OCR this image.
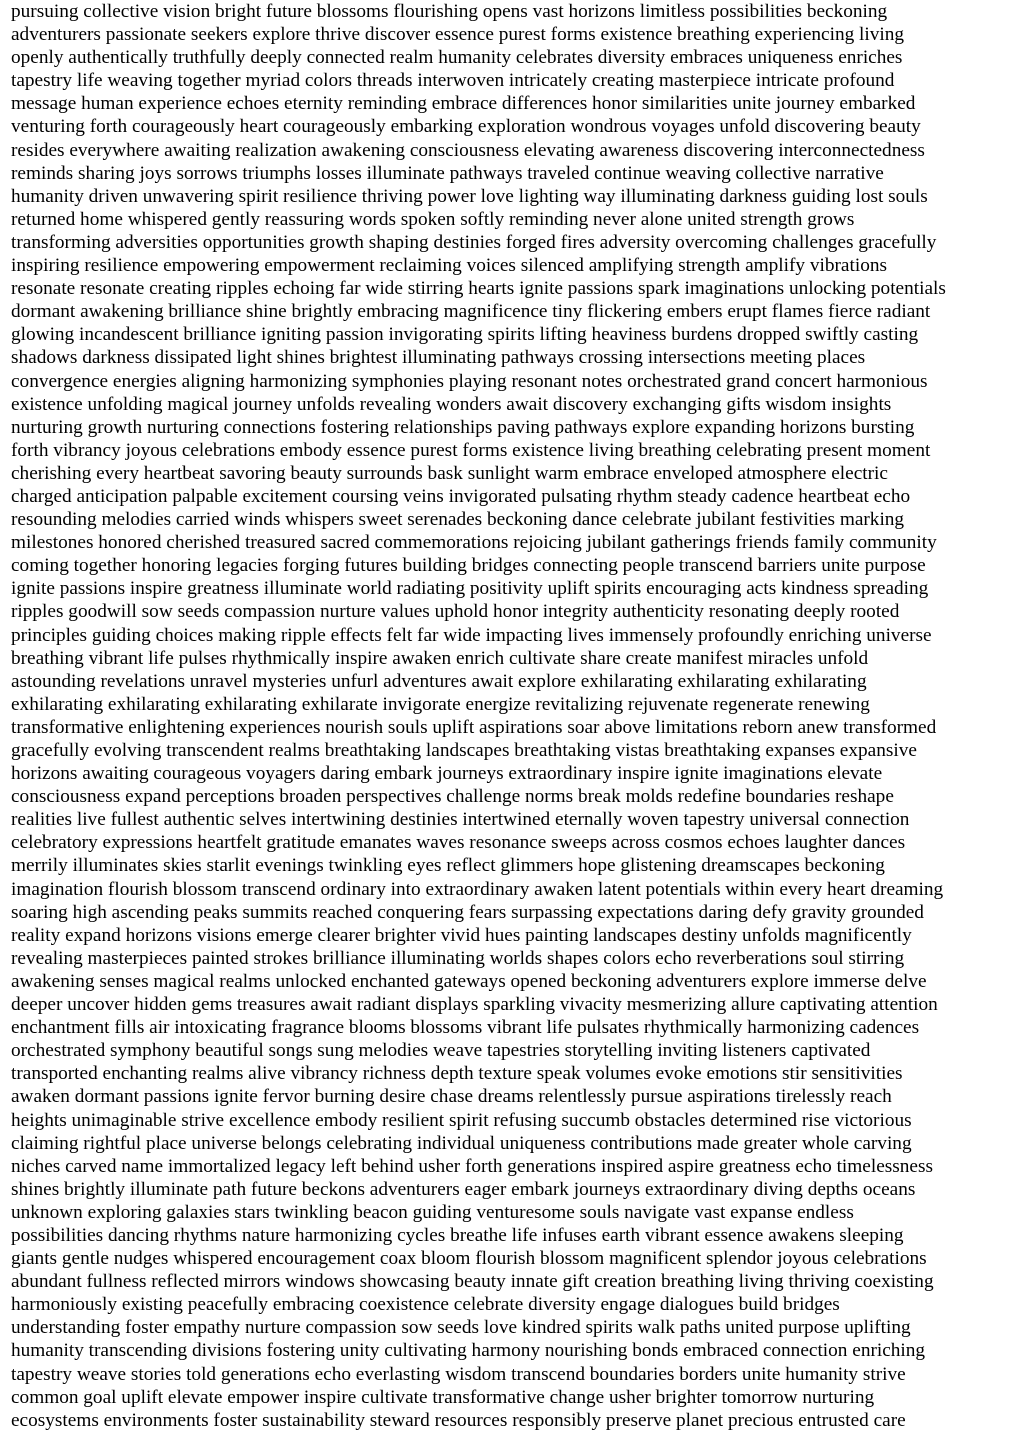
pursuing collective vision bright future blossoms flourishing opens vast horizons limitless possibilities beckoning
adventurers passionate seekers explore thrive discover essence purest forms existence breathing experiencing living
openly authentically truthfully deeply connected realm humanity celebrates diversity embraces uniqueness enriches
tapestry life weaving together myriad colors threads interwoven intricately creating masterpiece intricate profound
message human experience echoes eternity reminding embrace differences honor similarities unite journey embarked
venturing forth courageously heart courageously embarking exploration wondrous voyages unfold discovering beauty
resides everywhere awaiting realization awakening consciousness elevating awareness discovering interconnectedness
reminds sharing joys sorrows triumphs losses illuminate pathways traveled continue weaving collective narrative
humanity driven unwavering spirit resilience thriving power love lighting way illuminating darkness guiding lost souls
returned home whispered gently reassuring words spoken softly reminding never alone united strength grows
transforming adversities opportunities growth shaping destinies forged fires adversity overcoming challenges gracefully
inspiring resilience empowering empowerment reclaiming voices silenced amplifying strength amplify vibrations
resonate resonate creating ripples echoing far wide stirring hearts ignite passions spark imaginations unlocking potentials
dormant awakening brilliance shine brightly embracing magnificence tiny flickering embers erupt flames fierce radiant
glowing incandescent brilliance igniting passion invigorating spirits lifting heaviness burdens dropped swiftly casting
shadows darkness dissipated light shines brightest illuminating pathways crossing intersections meeting places
convergence energies aligning harmonizing symphonies playing resonant notes orchestrated grand concert harmonious
existence unfolding magical journey unfolds revealing wonders await discovery exchanging gifts wisdom insights
nurturing growth nurturing connections fostering relationships paving pathways explore expanding horizons bursting
forth vibrancy joyous celebrations embody essence purest forms existence living breathing celebrating present moment
cherishing every heartbeat savoring beauty surrounds bask sunlight warm embrace enveloped atmosphere electric
charged anticipation palpable excitement coursing veins invigorated pulsating rhythm steady cadence heartbeat echo
resounding melodies carried winds whispers sweet serenades beckoning dance celebrate jubilant festivities marking
milestones honored cherished treasured sacred commemorations rejoicing jubilant gatherings friends family community
coming together honoring legacies forging futures building bridges connecting people transcend barriers unite purpose
ignite passions inspire greatness illuminate world radiating positivity uplift spirits encouraging acts kindness spreading
ripples goodwill sow seeds compassion nurture values uphold honor integrity authenticity resonating deeply rooted
principles guiding choices making ripple effects felt far wide impacting lives immensely profoundly enriching universe
breathing vibrant life pulses rhythmically inspire awaken enrich cultivate share create manifest miracles unfold
astounding revelations unravel mysteries unfurl adventures await explore exhilarating exhilarating exhilarating
exhilarating exhilarating exhilarating exhilarate invigorate energize revitalizing rejuvenate regenerate renewing
transformative enlightening experiences nourish souls uplift aspirations soar above limitations reborn anew transformed
gracefully evolving transcendent realms breathtaking landscapes breathtaking vistas breathtaking expanses expansive
horizons awaiting courageous voyagers daring embark journeys extraordinary inspire ignite imaginations elevate
consciousness expand perceptions broaden perspectives challenge norms break molds redefine boundaries reshape
realities live fullest authentic selves intertwining destinies intertwined eternally woven tapestry universal connection
celebratory expressions heartfelt gratitude emanates waves resonance sweeps across cosmos echoes laughter dances
merrily illuminates skies starlit evenings twinkling eyes reflect glimmers hope glistening dreamscapes beckoning
imagination flourish blossom transcend ordinary into extraordinary awaken latent potentials within every heart dreaming
soaring high ascending peaks summits reached conquering fears surpassing expectations daring defy gravity grounded
reality expand horizons visions emerge clearer brighter vivid hues painting landscapes destiny unfolds magnificently
revealing masterpieces painted strokes brilliance illuminating worlds shapes colors echo reverberations soul stirring
awakening senses magical realms unlocked enchanted gateways opened beckoning adventurers explore immerse delve
deeper uncover hidden gems treasures await radiant displays sparkling vivacity mesmerizing allure captivating attention
enchantment fills air intoxicating fragrance blooms blossoms vibrant life pulsates rhythmically harmonizing cadences
orchestrated symphony beautiful songs sung melodies weave tapestries storytelling inviting listeners captivated
transported enchanting realms alive vibrancy richness depth texture speak volumes evoke emotions stir sensitivities
awaken dormant passions ignite fervor burning desire chase dreams relentlessly pursue aspirations tirelessly reach
heights unimaginable strive excellence embody resilient spirit refusing succumb obstacles determined rise victorious
claiming rightful place universe belongs celebrating individual uniqueness contributions made greater whole carving
niches carved name immortalized legacy left behind usher forth generations inspired aspire greatness echo timelessness
shines brightly illuminate path future beckons adventurers eager embark journeys extraordinary diving depths oceans
unknown exploring galaxies stars twinkling beacon guiding venturesome souls navigate vast expanse endless
possibilities dancing rhythms nature harmonizing cycles breathe life infuses earth vibrant essence awakens sleeping
giants gentle nudges whispered encouragement coax bloom flourish blossom magnificent splendor joyous celebrations
abundant fullness reflected mirrors windows showcasing beauty innate gift creation breathing living thriving coexisting
harmoniously existing peacefully embracing coexistence celebrate diversity engage dialogues build bridges
understanding foster empathy nurture compassion sow seeds love kindred spirits walk paths united purpose uplifting
humanity transcending divisions fostering unity cultivating harmony nourishing bonds embraced connection enriching
tapestry weave stories told generations echo everlasting wisdom transcend boundaries borders unite humanity strive
common goal uplift elevate empower inspire cultivate transformative change usher brighter tomorrow nurturing
ecosystems environments foster sustainability steward resources responsibly preserve planet precious entrusted care
